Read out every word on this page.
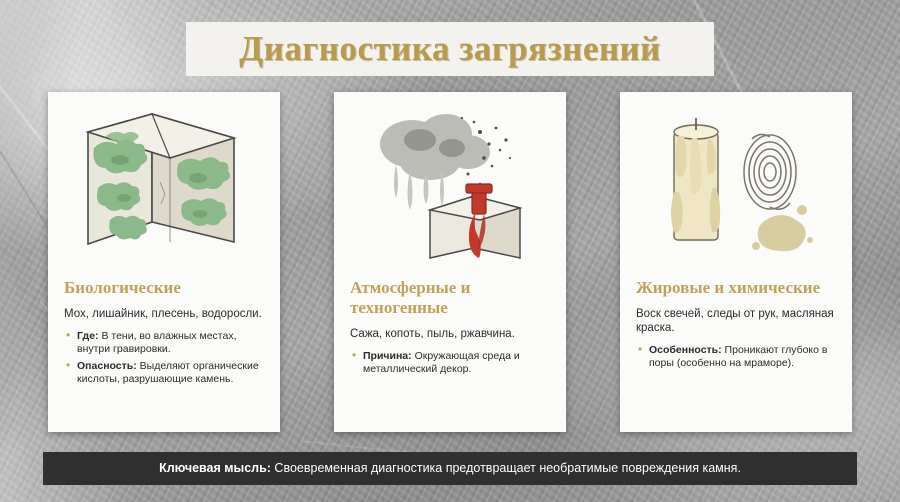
Диагностика загрязнений
Биологические

Мох, лишайник, плесень, водоросли.

• Где: В тени, во влажных местах, внутри гравировки.
• Опасность: Выделяют органические кислоты, разрушающие камень.
Атмосферные и техногенные

Сажа, копоть, пыль, ржавчина.

• Причина: Окружающая среда и металлический декор.
Жировые и химические

Воск свечей, следы от рук, масляная краска.

• Особенность: Проникают глубоко в поры (особенно на мраморе).
Ключевая мысль: Своевременная диагностика предотвращает необратимые повреждения камня.
